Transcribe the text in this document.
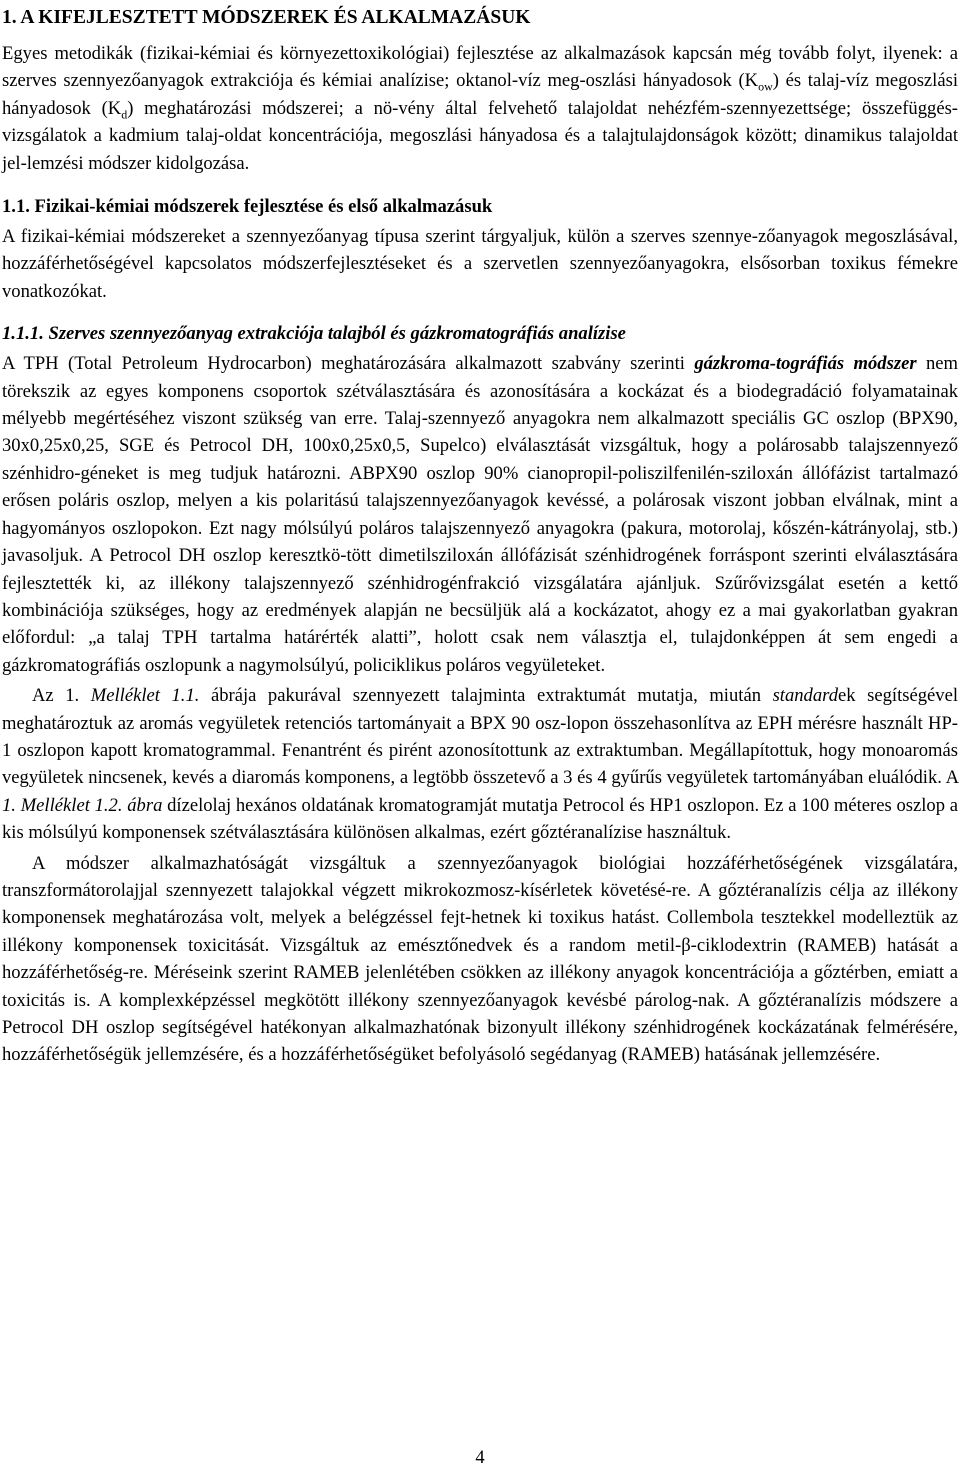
1. A KIFEJLESZTETT MÓDSZEREK ÉS ALKALMAZÁSUK

Egyes metodikák (fizikai-kémiai és környezettoxikológiai) fejlesztése az alkalmazások kapcsán még tovább folyt, ilyenek: a szerves szennyezőanyagok extrakciója és kémiai analízise; oktanol-víz meg-oszlási hányadosok $(K_{ow})$ és talaj-víz megoszlási hányadosok $(K_d)$ meghatározási módszerei; a nö-vény által felvehető talajoldat nehézfém-szennyezettsége; összefüggés-vizsgálatok a kadmium talaj-oldat koncentrációja, megoszlási hányadosa és a talajtulajdonságok között; dinamikus talajoldat jel-lemzési módszer kidolgozása.

1.1. Fizikai-kémiai módszerek fejlesztése és első alkalmazásuk

A fizikai-kémiai módszereket a szennyezőanyag típusa szerint tárgyaljuk, külön a szerves szennye-zőanyagok megoszlásával, hozzáférhetőségével kapcsolatos módszerfejlesztéseket és a szervetlen szennyezőanyagokra, elsősorban toxikus fémekre vonatkozókat.

1.1.1. Szerves szennyezőanyag extrakciója talajból és gázkromatográfiás analízise

A TPH (Total Petroleum Hydrocarbon) meghatározására alkalmazott szabvány szerinti gázkroma-tográfiás módszer nem törekszik az egyes komponens csoportok szétválasztására és azonosítására a kockázat és a biodegradáció folyamatainak mélyebb megértéséhez viszont szükség van erre. Talaj-szennyező anyagokra nem alkalmazott speciális GC oszlop (BPX90, 30x0,25x0,25, SGE és Petrocol DH, 100x0,25x0,5, Supelco) elválasztását vizsgáltuk, hogy a polárosabb talajszennyező szénhidro-géneket is meg tudjuk határozni. ABPX90 oszlop 90% cianopropil-poliszilfenilén-sziloxán állófázist tartalmazó erősen poláris oszlop, melyen a kis polaritású talajszennyezőanyagok kevéssé, a polárosak viszont jobban elválnak, mint a hagyományos oszlopokon. Ezt nagy mólsúlyú poláros talajszennyező anyagokra (pakura, motorolaj, kőszén-kátrányolaj, stb.) javasoljuk. A Petrocol DH oszlop keresztkö-tött dimetilsziloxán állófázisát szénhidrogének forráspont szerinti elválasztására fejlesztették ki, az illékony talajszennyező szénhidrogénfrakció vizsgálatára ajánljuk. Szűrővizsgálat esetén a kettő kombinációja szükséges, hogy az eredmények alapján ne becsüljük alá a kockázatot, ahogy ez a mai gyakorlatban gyakran előfordul: „a talaj TPH tartalma határérték alatti”, holott csak nem választja el, tulajdonképpen át sem engedi a gázkromatográfiás oszlopunk a nagymolsúlyú, policiklikus poláros vegyületeket.

Az 1. Melléklet 1.1. ábrája pakurával szennyezett talajminta extraktumát mutatja, miután standardek segítségével meghatároztuk az aromás vegyületek retenciós tartományait a BPX 90 osz-lopon összehasonlítva az EPH mérésre használt HP-1 oszlopon kapott kromatogrammal. Fenantrént és pirént azonosítottunk az extraktumban. Megállapítottuk, hogy monoaromás vegyületek nincsenek, kevés a diaromás komponens, a legtöbb összetevő a 3 és 4 gyűrűs vegyületek tartományában eluálódik. A 1. Melléklet 1.2. ábra dízelolaj hexános oldatának kromatogramját mutatja Petrocol és HP1 oszlopon. Ez a 100 méteres oszlop a kis mólsúlyú komponensek szétválasztására különösen alkalmas, ezért gőztéranalízise használtuk.

A módszer alkalmazhatóságát vizsgáltuk a szennyezőanyagok biológiai hozzáférhetőségének vizsgálatára, transzformátorolajjal szennyezett talajokkal végzett mikrokozmosz-kísérletek követésé-re. A gőztéranalízis célja az illékony komponensek meghatározása volt, melyek a belégzéssel fejt-hetnek ki toxikus hatást. Collembola tesztekkel modelleztük az illékony komponensek toxicitását. Vizsgáltuk az emésztőnedvek és a random metil-β-ciklodextrin (RAMEB) hatását a hozzáférhetőség-re. Méréseink szerint RAMEB jelenlétében csökken az illékony anyagok koncentrációja a gőztérben, emiatt a toxicitás is. A komplexképzéssel megkötött illékony szennyezőanyagok kevésbé párolog-nak. A gőztéranalízis módszere a Petrocol DH oszlop segítségével hatékonyan alkalmazhatónak bizonyult illékony szénhidrogének kockázatának felmérésére, hozzáférhetőségük jellemzésére, és a hozzáférhetőségüket befolyásoló segédanyag (RAMEB) hatásának jellemzésére.

4
